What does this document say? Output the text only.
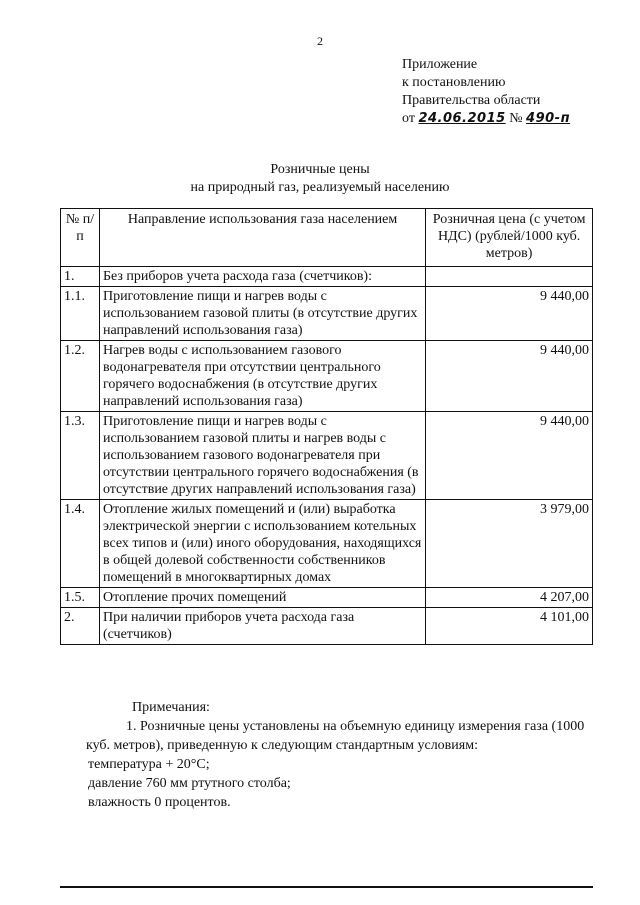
2
Приложение
к постановлению
Правительства области
от 24.06.2015 № 490-п
Розничные цены
на природный газ, реализуемый населению
№ п/п	Направление использования газа населением	Розничная цена (с учетом НДС) (рублей/1000 куб. метров)
1.	Без приборов учета расхода газа (счетчиков):	
1.1.	Приготовление пищи и нагрев воды с использованием газовой плиты (в отсутствие других направлений использования газа)	9 440,00
1.2.	Нагрев воды с использованием газового водонагревателя при отсутствии центрального горячего водоснабжения (в отсутствие других направлений использования газа)	9 440,00
1.3.	Приготовление пищи и нагрев воды с использованием газовой плиты и нагрев воды с использованием газового водонагревателя при отсутствии центрального горячего водоснабжения (в отсутствие других направлений использования газа)	9 440,00
1.4.	Отопление жилых помещений и (или) выработка электрической энергии с использованием котельных всех типов и (или) иного оборудования, находящихся в общей долевой собственности собственников помещений в многоквартирных домах	3 979,00
1.5.	Отопление прочих помещений	4 207,00
2.	При наличии приборов учета расхода газа (счетчиков)	4 101,00
Примечания:
1. Розничные цены установлены на объемную единицу измерения газа (1000 куб. метров), приведенную к следующим стандартным условиям:
температура + 20°С;
давление 760 мм ртутного столба;
влажность 0 процентов.
